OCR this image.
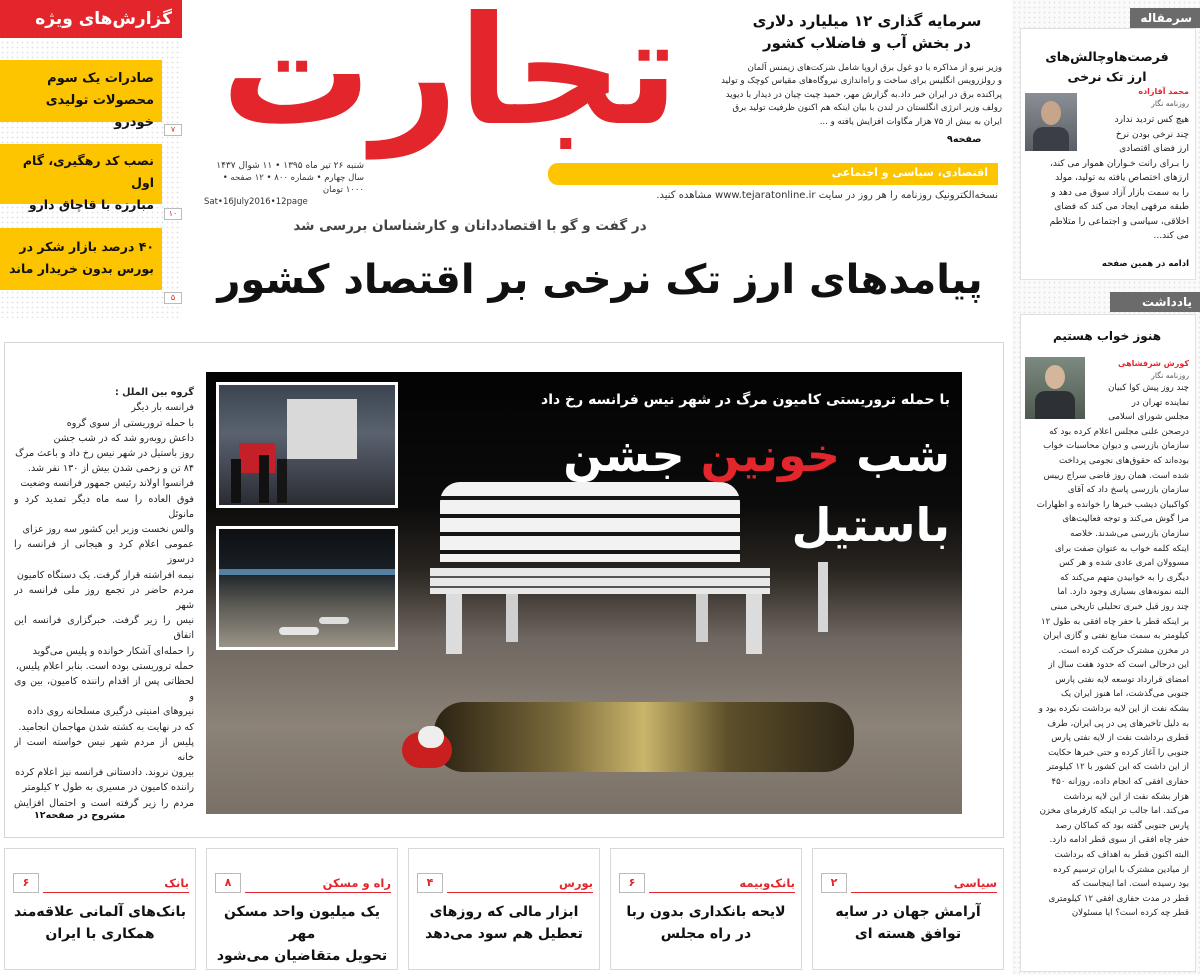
گزارش‌های ویژه
صادرات یک سوم
محصولات تولیدی خودرو	۷
نصب کد رهگیری، گام اول
مبارزه با قاچاق دارو
۱۰
۴۰ درصد بازار شکر در
بورس بدون خریدار ماند
۵
تجارت
شنبه ۲۶ تیر ماه ۱۳۹۵ • ۱۱ شوال ۱۴۳۷
سال چهارم • شماره ۸۰۰ • ۱۲ صفحه • ۱۰۰۰ تومان
Sat•16July2016•12page
اقتصادی، سیاسی و اجتماعی
نسخه‌الکترونیک روزنامه را هر روز در سایت www.tejaratonline.ir مشاهده کنید.
سرمایه گذاری ۱۲ میلیارد دلاری
در بخش آب و فاضلاب کشور
وزیر نیرو از مذاکره با دو غول برق اروپا شامل شرکت‌های زیمنس آلمان
و رولزرویس انگلیس برای ساخت و راه‌اندازی نیروگاه‌های مقیاس کوچک و تولید
پراکنده برق در ایران خبر داد.به گزارش مهر، حمید چیت چیان در دیدار با دیوید
رولف وزیر انرژی انگلستان در لندن با بیان اینکه هم اکنون ظرفیت تولید برق
ایران به بیش از ۷۵ هزار مگاوات افزایش یافته و ...
صفحه۹
در گفت و گو با اقتصاددانان و کارشناسان بررسی شد
پیامدهای ارز تک نرخی بر اقتصاد کشور
سرمقاله
فرصت‌هاوچالش‌های
ارز تک نرخی
محمد آقازاده
روزنامه نگار
هیچ کس تردید ندارد
چند نرخی بودن نرخ
ارز فضای اقتصادی
را بـرای رانت خـواران هموار می کند،
ارزهای اختصاص یافته به تولید، مولد
را به سمت بازار آزاد سوق می دهد و
طبقه مرفهی ایجاد می کند که فضای
اخلاقی، سیاسی و اجتماعی را متلاطم
می کند...
ادامه در همین صفحه
یادداشت
هنوز خواب هستیم
کورش شرفشاهی
روزنامه نگار
چند روز پیش کوا کبیان
نماینده تهران در
مجلس شورای اسلامی
درصحن علنی مجلس اعلام کرده بود که
سازمان بازرسی و دیوان محاسبات خواب
بوده‌اند که حقوق‌های نجومی پرداخت
شده است. همان روز قاضی سراج رییس
سازمان بازرسی پاسخ داد که آقای
کواکبیان دیشب‌ خبرها را خوانده و اظهارات
مرا گوش می‌کند و توجه فعالیت‌های
سازمان بازرسی می‌شدند. خلاصه
اینکه کلمه خواب به عنوان صفت برای
مسوولان امری عادی شده و هر کس
دیگری را به خوابیدن متهم می‌کند که
البته نمونه‌های بسیاری وجود دارد. اما
چند روز قبل خبری تحلیلی تاریخی مبنی
بر اینکه قطر با حفر چاه افقی به طول ۱۲
کیلومتر به سمت منابع نفتی و گازی ایران
در مخزن مشترک حرکت کرده است.
این درحالی است که حدود هفت سال از
امضای قرارداد توسعه لایه نفتی پارس
جنوبی می‌گذشت، اما هنوز ایران یک
بشکه نفت از این لایه برداشت نکرده بود و
به دلیل تاخیرهای پی در پی ایران، طرف
قطری برداشت نفت از لایه نفتی پارس
جنوبی را آغاز کرده و حتی خبرها حکایت
از این داشت که این کشور با ۱۲ کیلومتر
حفاری افقی که انجام داده، روزانه ۴۵۰
هزار بشکه نفت از این لایه برداشت
می‌کند. اما جالب‌ تر اینکه کارفرمای مخزن
پارس جنوبی گفته بود که کماکان رصد
حفر چاه افقی از سوی قطر ادامه دارد.
البته اکنون قطر به اهداف که برداشت
از میادین مشترک با ایران ترسیم کرده
بود رسیده است. اما اینجاست که
قطر در مدت حفاری افقی ۱۲ کیلومتری
قطر چه کرده است؟ ایا مسئولان

گروه بین الملل :
فرانسه بار دیگر
با حمله تروریستی از سوی گروه
داعش روبه‌رو شد که در شب جشن
روز باستیل در شهر نیس رخ داد و باعث مرگ
۸۴ تن و زخمی شدن بیش از ۱۳۰ نفر شد.
فرانسوا اولاند رئیس جمهور فرانسه وضعیت
فوق العاده را سه ماه دیگر تمدید کرد و مانوئل
والس نخست وزیر این کشور سه روز عزای
عمومی اعلام کرد و هیجانی از فرانسه را درسوز
نیمه افراشته قرار گرفت. یک دستگاه کامیون
مردم حاضر در تجمع روز ملی فرانسه در شهر
نیس را زیر گرفت. خبرگزاری فرانسه این اتفاق
را حمله‌ای آشکار خوانده و پلیس می‌گوید
حمله تروریستی بوده است. بنابر اعلام پلیس،
لحظاتی پس از اقدام راننده کامیون، بین وی و
نیروهای امنیتی درگیری مسلحانه روی داده
که در نهایت به کشته شدن مهاجمان انجامید.
پلیس از مردم شهر نیس خواسته است از خانه
بیرون نروند. دادستانی فرانسه نیز اعلام کرده
راننده کامیون در مسیری به طول ۲ کیلومتر
مردم را زیر گرفته است و احتمال افزایش

مشروح در صفحه۱۲
با حمله تروریستی کامیون مرگ در شهر نیس فرانسه رخ داد
شب خونین جشن باستیل
سیاسی
۲
آرامش جهان در سایه
توافق هسته ای
بانک‌وبیمه
۶
لایحه بانکداری بدون ربا
در راه مجلس
بورس
۴
ابزار مالی که روزهای
تعطیل هم سود می‌دهد
راه و مسکن
۸
یک میلیون واحد مسکن مهر
تحویل متقاضیان می‌شود
بانک
۶
بانک‌های آلمانی علاقه‌مند
همکاری با ایران
